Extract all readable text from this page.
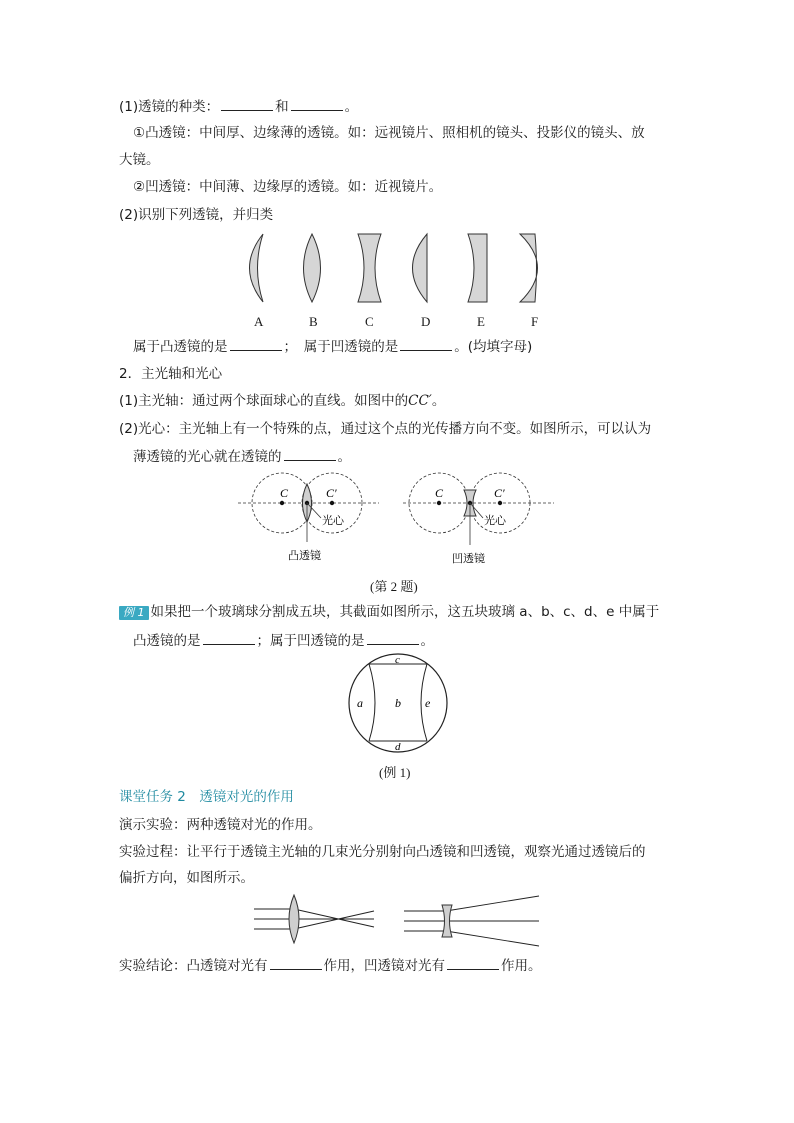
(1)透镜的种类：	和	。
①凸透镜：中间厚、边缘薄的透镜。如：远视镜片、照相机的镜头、投影仪的镜头、放
大镜。
②凹透镜：中间薄、边缘厚的透镜。如：近视镜片。
(2)识别下列透镜，并归类
A	B	C	D	E	F
属于凸透镜的是	；　属于凹透镜的是	。(均填字母)
2．主光轴和光心
(1)主光轴：通过两个球面球心的直线。如图中的CC′。
(2)光心：主光轴上有一个特殊的点，通过这个点的光传播方向不变。如图所示，可以认为
薄透镜的光心就在透镜的	。
C	C′
光心
凸透镜
C	C′
光心
凹透镜
(第 2 题)
例 1 如果把一个玻璃球分割成五块，其截面如图所示，这五块玻璃 a、b、c、d、e 中属于
凸透镜的是	；属于凹透镜的是	。
a	b
c
d
e
(例 1)
课堂任务 2　透镜对光的作用
演示实验：两种透镜对光的作用。
实验过程：让平行于透镜主光轴的几束光分别射向凸透镜和凹透镜，观察光通过透镜后的
偏折方向，如图所示。
实验结论：凸透镜对光有	作用，凹透镜对光有	作用。
